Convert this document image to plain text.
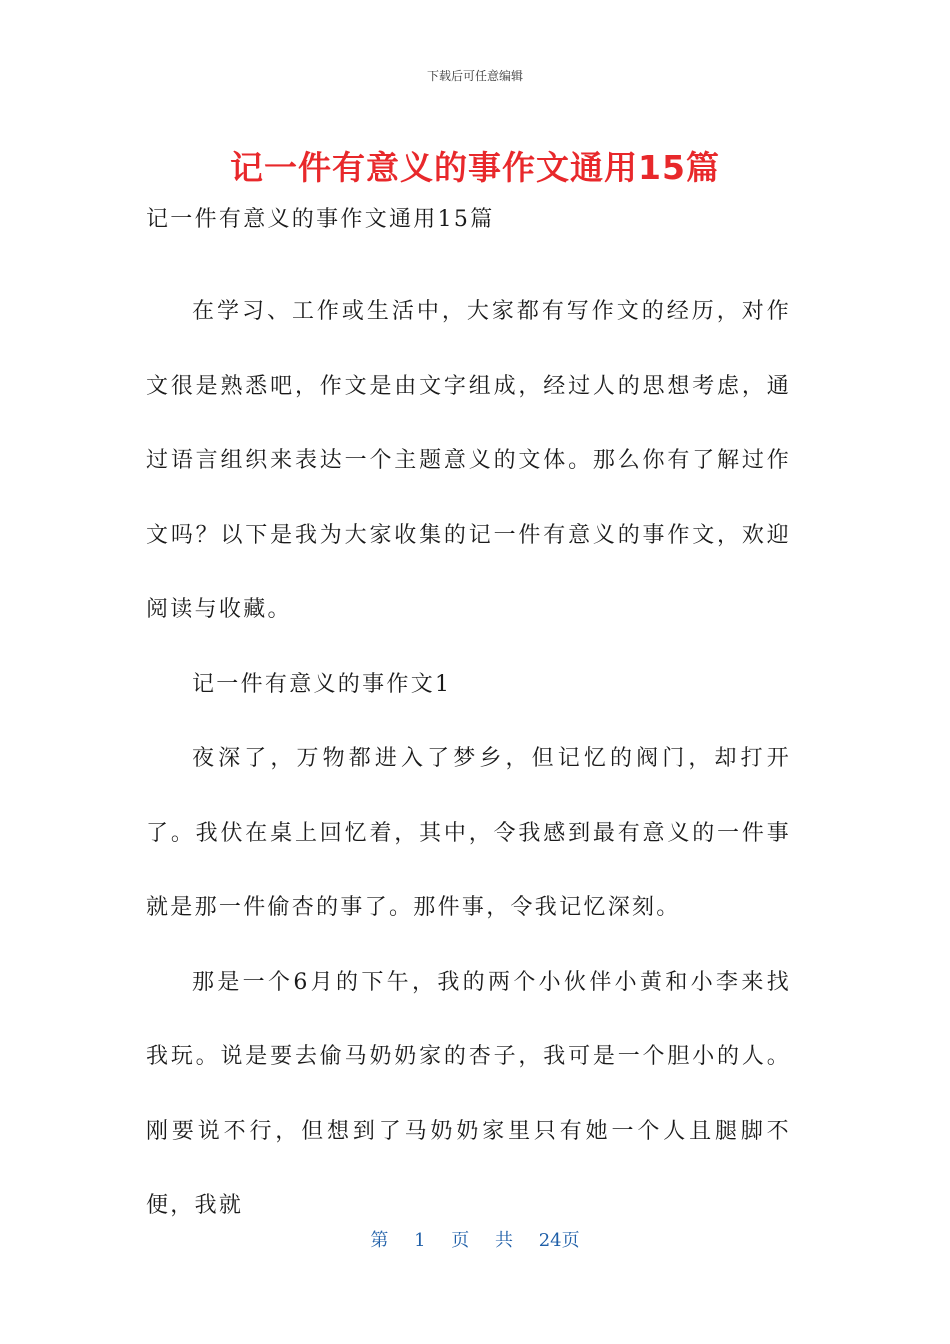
下载后可任意编辑
记一件有意义的事作文通用15篇

记一件有意义的事作文通用15篇

在学习、工作或生活中，大家都有写作文的经历，对作文很是熟悉吧，作文是由文字组成，经过人的思想考虑，通过语言组织来表达一个主题意义的文体。那么你有了解过作文吗？以下是我为大家收集的记一件有意义的事作文，欢迎阅读与收藏。

记一件有意义的事作文1

夜深了，万物都进入了梦乡，但记忆的阀门，却打开了。我伏在桌上回忆着，其中，令我感到最有意义的一件事就是那一件偷杏的事了。那件事，令我记忆深刻。

那是一个6月的下午，我的两个小伙伴小黄和小李来找我玩。说是要去偷马奶奶家的杏子，我可是一个胆小的人。刚要说不行，但想到了马奶奶家里只有她一个人且腿脚不便，我就

第 1 页 共 24页
